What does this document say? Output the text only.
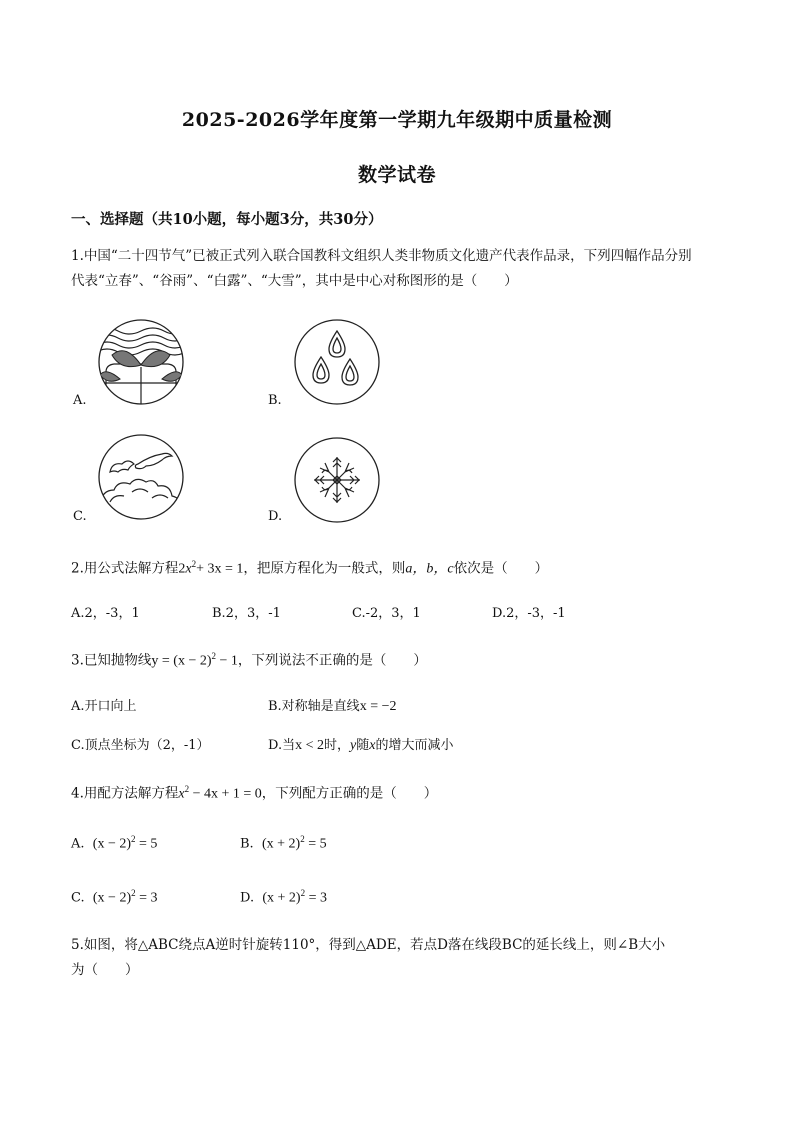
2025-2026学年度第一学期九年级期中质量检测
数学试卷
一、选择题（共10小题，每小题3分，共30分）
1.中国“二十四节气”已被正式列入联合国教科文组织人类非物质文化遗产代表作品录，下列四幅作品分别
代表“立春”、“谷雨”、“白露”、“大雪”，其中是中心对称图形的是（　　）
A.	B.
C.	D.
2.用公式法解方程$2x^2+ 3x = 1$，把原方程化为一般式，则a，b，c依次是（　　）
A.2，-3，1	B.2，3，-1	C.-2，3，1	D.2，-3，-1
3.已知抛物线$y = (x - 2)^2 - 1$，下列说法不正确的是（　　）
A.开口向上	B.对称轴是直线x = −2
C.顶点坐标为（2，-1）	D.当x < 2时，y随x的增大而减小
4.用配方法解方程$x^2 - 4x + 1 = 0$，下列配方正确的是（　　）
A. $(x - 2)^2 = 5$	B. $(x + 2)^2 = 5$
C. $(x - 2)^2 = 3$	D. $(x + 2)^2 = 3$
5.如图，将△ABC绕点A逆时针旋转110°，得到△ADE，若点D落在线段BC的延长线上，则∠B大小
为（　　）
